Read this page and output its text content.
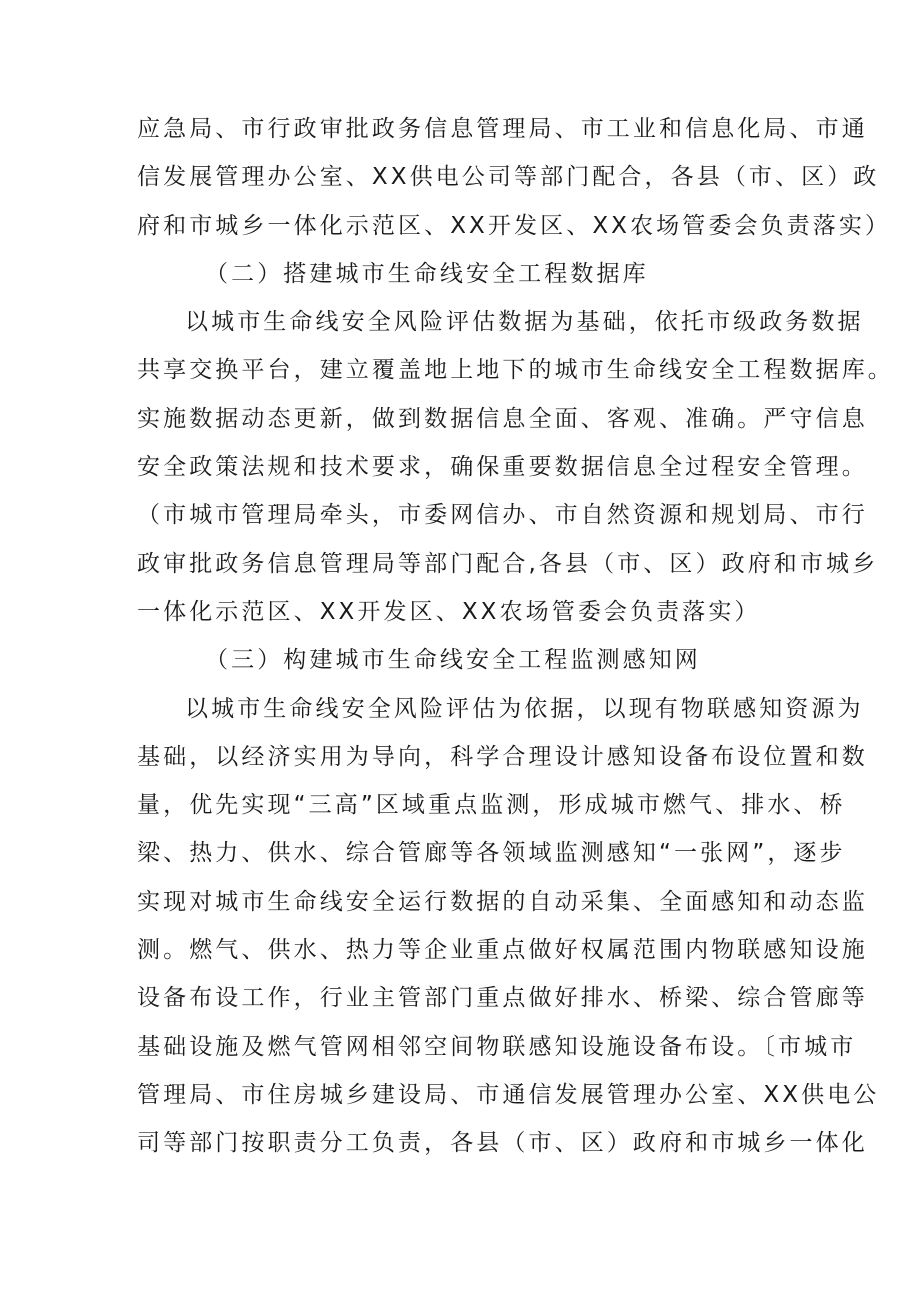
应急局、市行政审批政务信息管理局、市工业和信息化局、市通
信发展管理办公室、XX供电公司等部门配合，各县（市、区）政
府和市城乡一体化示范区、XX开发区、XX农场管委会负责落实）
（二）搭建城市生命线安全工程数据库
以城市生命线安全风险评估数据为基础，依托市级政务数据
共享交换平台，建立覆盖地上地下的城市生命线安全工程数据库。
实施数据动态更新，做到数据信息全面、客观、准确。严守信息
安全政策法规和技术要求，确保重要数据信息全过程安全管理。
（市城市管理局牵头，市委网信办、市自然资源和规划局、市行
政审批政务信息管理局等部门配合,各县（市、区）政府和市城乡
一体化示范区、XX开发区、XX农场管委会负责落实）
（三）构建城市生命线安全工程监测感知网
以城市生命线安全风险评估为依据，以现有物联感知资源为
基础，以经济实用为导向，科学合理设计感知设备布设位置和数
量，优先实现“三高”区域重点监测，形成城市燃气、排水、桥
梁、热力、供水、综合管廊等各领域监测感知“一张网”，逐步
实现对城市生命线安全运行数据的自动采集、全面感知和动态监
测。燃气、供水、热力等企业重点做好权属范围内物联感知设施
设备布设工作，行业主管部门重点做好排水、桥梁、综合管廊等
基础设施及燃气管网相邻空间物联感知设施设备布设。〔市城市
管理局、市住房城乡建设局、市通信发展管理办公室、XX供电公
司等部门按职责分工负责，各县（市、区）政府和市城乡一体化
